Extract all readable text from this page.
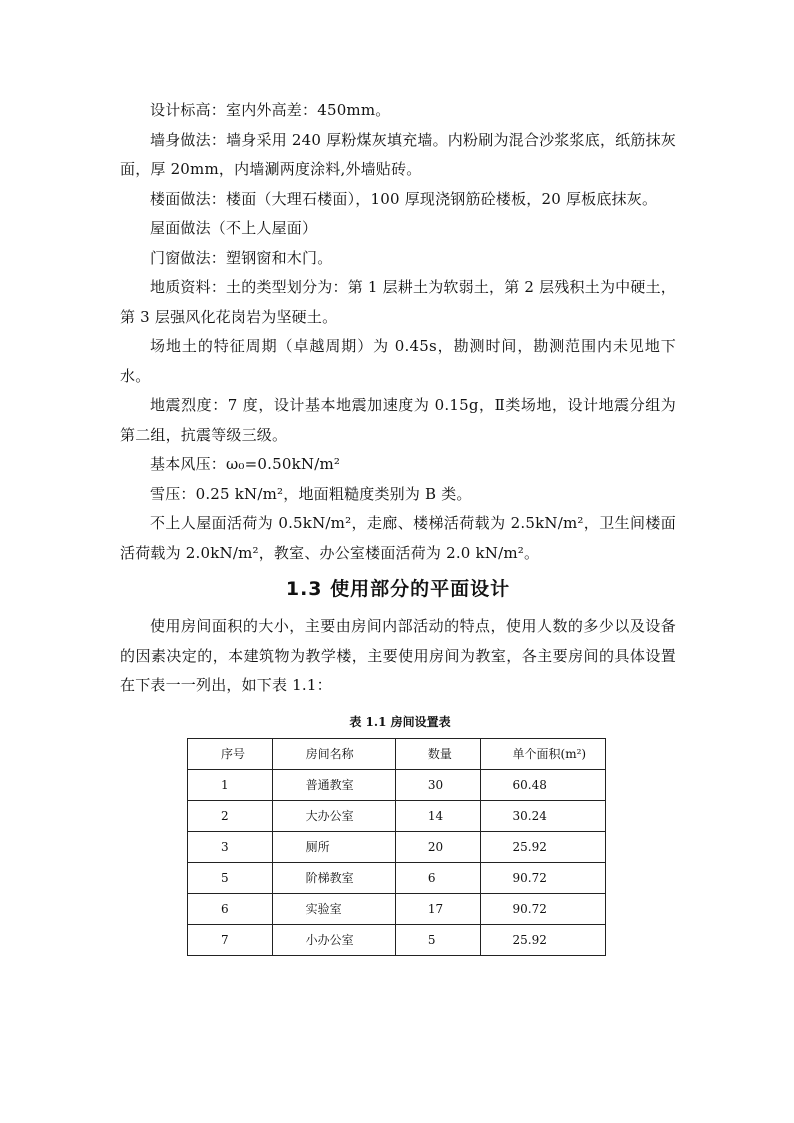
设计标高：室内外高差：450mm。

墙身做法：墙身采用 240 厚粉煤灰填充墙。内粉刷为混合沙浆浆底，纸筋抹灰面，厚 20mm，内墙涮两度涂料,外墙贴砖。

楼面做法：楼面（大理石楼面），100 厚现浇钢筋砼楼板，20 厚板底抹灰。

屋面做法（不上人屋面）

门窗做法：塑钢窗和木门。

地质资料：土的类型划分为：第 1 层耕土为软弱土，第 2 层残积土为中硬土，第 3 层强风化花岗岩为坚硬土。

场地土的特征周期（卓越周期）为 0.45s，勘测时间，勘测范围内未见地下水。

地震烈度：7 度，设计基本地震加速度为 0.15g，Ⅱ类场地，设计地震分组为第二组，抗震等级三级。

基本风压：ω₀=0.50kN/m²

雪压：0.25 kN/m²，地面粗糙度类别为 B 类。

不上人屋面活荷为 0.5kN/m²，走廊、楼梯活荷载为 2.5kN/m²，卫生间楼面活荷载为 2.0kN/m²，教室、办公室楼面活荷为 2.0 kN/m²。

1.3 使用部分的平面设计

使用房间面积的大小，主要由房间内部活动的特点，使用人数的多少以及设备的因素决定的，本建筑物为教学楼，主要使用房间为教室，各主要房间的具体设置在下表一一列出，如下表 1.1：

表 1.1 房间设置表
序号	房间名称	数量	单个面积(m²)
1	普通教室	30	60.48
2	大办公室	14	30.24
3	厕所	20	25.92
5	阶梯教室	6	90.72
6	实验室	17	90.72
7	小办公室	5	25.92
